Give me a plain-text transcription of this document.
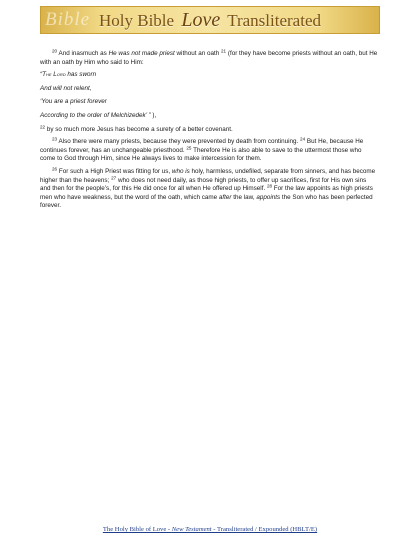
Bible Holy Bible Love Transliterated

$^{20}$ And inasmuch as He was not made priest without an oath $^{21}$ (for they have become priests without an oath, but He with an oath by Him who said to Him:

“The Lord has sworn

And will not relent,

‘You are a priest forever

According to the order of Melchizedek’ ” ),

$^{22}$ by so much more Jesus has become a surety of a better covenant.

$^{23}$ Also there were many priests, because they were prevented by death from continuing. $^{24}$ But He, because He continues forever, has an unchangeable priesthood. $^{25}$ Therefore He is also able to save to the uttermost those who come to God through Him, since He always lives to make intercession for them.

$^{26}$ For such a High Priest was fitting for us, who is holy, harmless, undefiled, separate from sinners, and has become higher than the heavens; $^{27}$ who does not need daily, as those high priests, to offer up sacrifices, first for His own sins and then for the people’s, for this He did once for all when He offered up Himself. $^{28}$ For the law appoints as high priests men who have weakness, but the word of the oath, which came after the law, appoints the Son who has been perfected forever.

The Holy Bible of Love - New Testament - Transliterated / Expounded (HBLT/E)
